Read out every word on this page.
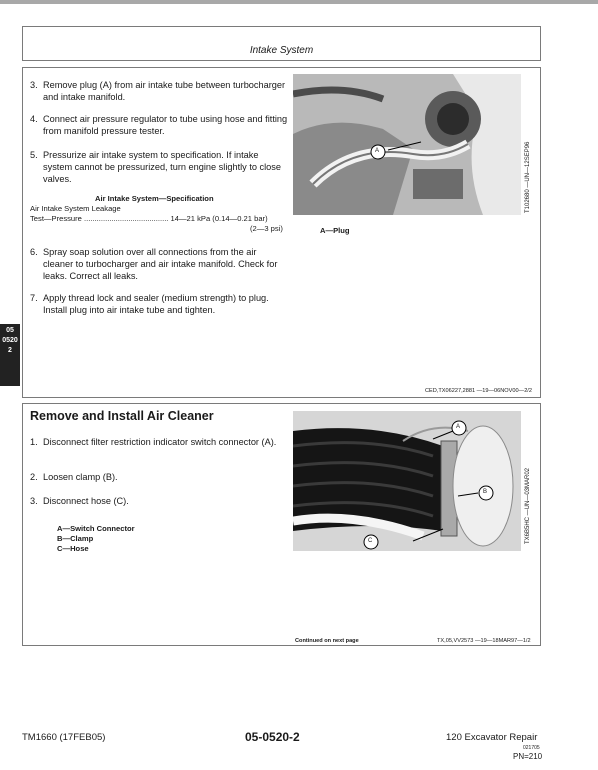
Intake System
05
0520
2
3. Remove plug (A) from air intake tube between turbocharger and intake manifold.
4. Connect air pressure regulator to tube using hose and fitting from manifold pressure tester.
5. Pressurize air intake system to specification. If intake system cannot be pressurized, turn engine slightly to close valves.
Air Intake System—Specification
Air Intake System Leakage
Test—Pressure ........................................ 14—21 kPa (0.14—0.21 bar)
(2—3 psi)
6. Spray soap solution over all connections from the air cleaner to turbocharger and air intake manifold. Check for leaks. Correct all leaks.
7. Apply thread lock and sealer (medium strength) to plug. Install plug into air intake tube and tighten.
A	T102680 —UN—12SEP96
A—Plug
CED,TX06227,2881 —19—06NOV00—2/2
Remove and Install Air Cleaner
1. Disconnect filter restriction indicator switch connector (A).
2. Loosen clamp (B).
3. Disconnect hose (C).
A—Switch Connector
B—Clamp
C—Hose
A
B
C	TX6B5HC —UN—03MAR02
Continued on next page	TX,05,VV2573 —19—18MAR97—1/2
TM1660 (17FEB05)	05-0520-2	120 Excavator Repair
021705
PN=210
